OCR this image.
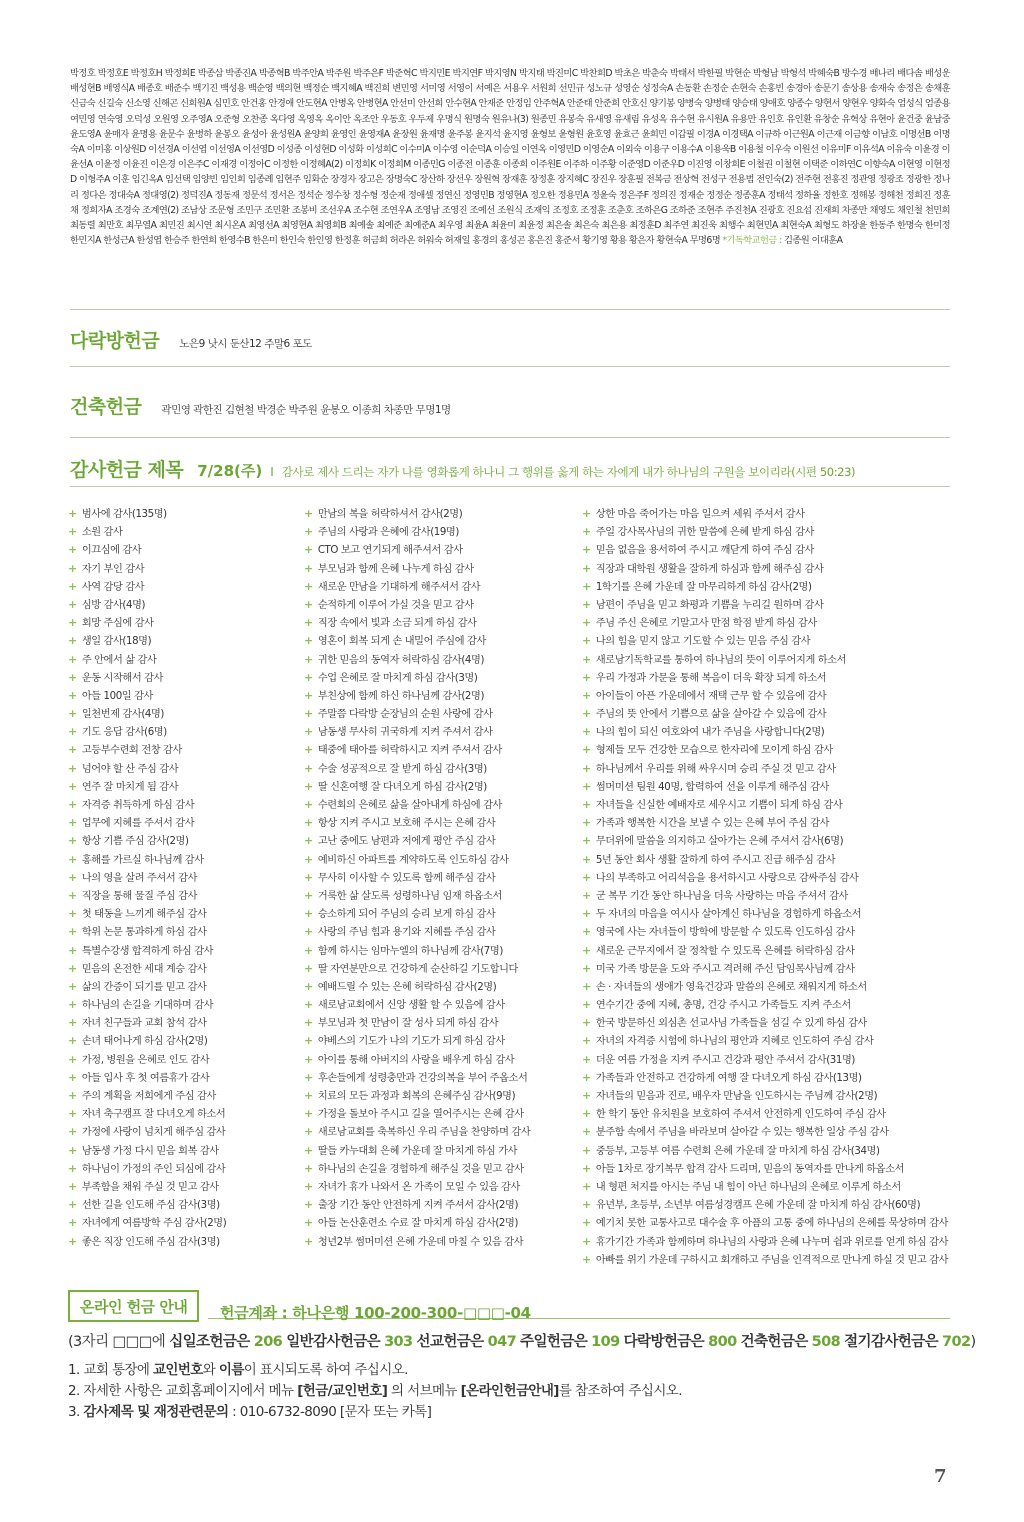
박정호 박정호E 박정호H 박정희E 박종삼 박종진A 박종혁B 박주안A 박주원 박주은F 박준혁C 박지민E 박지연F 박지영N 박지태 박진미C 박찬희D 박초은 박춘숙 박태서 박한필 박현순 박형남 박형석 박혜숙B 방수경 배나리 배다솜 배성운 배성현B 배영식A 배종호 배준수 백기진 백성용 백순영 백의현 백정순 백지혜A 백진희 변민영 서미영 서영이 서예은 서용우 서원희 선민규 성노규 성영순 성정숙A 손동환 손정순 손현숙 손홍빈 송경아 송문기 송상용 송재숙 송정은 송채훈 신금숙 신길숙 신소영 신해곤 신희원A 심민호 안건홍 안경애 안도현A 안병옥 안병현A 안선미 안선희 안수현A 안재준 안정임 안주혁A 안준태 안준희 안호신 양기봉 양병숙 양병태 양승태 양애호 양종수 양현서 양현우 양화숙 엄성식 엄종용 여민영 연숙영 오덕성 오원영 오주영A 오준형 오찬종 옥다영 옥영옥 옥이안 옥조안 우동호 우두제 우명식 원명숙 원유나(3) 원종민 유봉숙 유새영 유새림 유성옥 유수현 유시원A 유용만 유인호 유인환 유창순 유혁상 유현아 윤건중 윤남중 윤도영A 윤매자 윤명용 윤문수 윤병하 윤봉오 윤성아 윤성원A 윤양희 윤영인 윤영재A 윤장원 윤재명 윤주봉 윤지석 윤지영 윤형보 윤형원 윤호영 윤효근 윤희민 이갑필 이경A 이경택A 이규하 이근원A 이근재 이금향 이남호 이명선B 이명숙A 이미홍 이상원D 이선경A 이선엽 이선영A 이선영D 이성종 이성현D 이성화 이성희C 이수미A 이수영 이순덕A 이승일 이연옥 이영민D 이영순A 이외숙 이용구 이용수A 이용욱B 이용철 이우숙 이원선 이유미F 이유석A 이유숙 이윤경 이윤선A 이윤정 이윤진 이은경 이은주C 이재경 이정아C 이정한 이정혜A(2) 이정희K 이정희M 이종민G 이종전 이종훈 이종희 이주원E 이주하 이주황 이준영D 이준우D 이진영 이창희E 이철권 이철현 이택준 이하연C 이향숙A 이현영 이현정D 이형주A 이훈 임긴옥A 임선택 임양빈 임인희 임종례 임현주 임화순 장경자 장고은 장명숙C 장산하 장선우 장원혁 장재훈 장정훈 장지혜C 장진우 장훈필 전복금 전상혁 전성구 전용범 전인숙(2) 전주현 전홍진 정관영 정광조 정광한 정나리 정다은 정대숙A 정대영(2) 정덕진A 정동재 정문석 정서은 정석순 정수창 정수형 정순재 정애셀 정연신 정영민B 정영현A 정오한 정용민A 정윤숙 정은주F 정의진 정재순 정정순 정종훈A 정태석 정하율 정한호 정해봉 정해천 정희진 정훈채 정희자A 조경숙 조계연(2) 조남상 조문형 조민구 조민환 조봉비 조선우A 조수현 조연우A 조영남 조영진 조예선 조원식 조재익 조정호 조정훈 조춘호 조하은G 조하준 조현주 주진천A 진광호 진요섭 진재희 차종만 채영도 채인철 천민희 최동렬 최만호 최무열A 최민진 최시연 최시온A 최영선A 최영현A 최영희B 최예솔 최예준 최예준A 최우영 최윤A 최윤미 최윤정 최은솔 최은숙 최은용 최정훈D 최주연 최진욱 최행수 최현민A 최현숙A 최형도 하장윤 한동주 한명숙 한미정 한민지A 한성근A 한성엽 한승주 한연희 한영수B 한은미 한인숙 한인영 한정훈 허금희 허라온 허워숙 허재일 홍경의 홍성곤 홍은진 홍준서 황기영 황용 황은자 황현숙A 무명6명 *기독학교헌금 : 김종원 이대훈A
다락방헌금 노은9 낫시 둔산12 주말6 포도
건축헌금 곽민영 곽한진 김현철 박경순 박주원 윤봉오 이종희 차종만 무명1명
감사헌금 제목 7/28(주) I 감사로 제사 드리는 자가 나를 영화롭게 하나니 그 행위를 옳게 하는 자에게 내가 하나님의 구원을 보이리라(시편 50:23)
+ 범사에 감사(135명)
+ 소원 감사
+ 이끄심에 감사
+ 자기 부인 감사
+ 사역 감당 감사
+ 심방 감사(4명)
+ 회망 주심에 감사
+ 생일 감사(18명)
+ 주 안에서 삶 감사
+ 운동 시작해서 감사
+ 아들 100일 감사
+ 일천번제 감사(4명)
+ 기도 응답 감사(6명)
+ 고등부수련회 전창 감사
+ 넘어야 할 산 주심 감사
+ 연주 잘 마치게 됨 감사
+ 자격증 취득하게 하심 감사
+ 업무에 지혜를 주셔서 감사
+ 항상 기쁨 주심 감사(2명)
+ 홍해를 가르실 하나님께 감사
+ 나의 영을 살려 주셔서 감사
+ 직장을 통해 물질 주심 감사
+ 첫 태동을 느끼게 해주심 감사
+ 학위 논문 통과하게 하심 감사
+ 특별수강생 합격하게 하심 감사
+ 믿음의 온전한 세대 계승 감사
+ 삶의 간증이 되기를 믿고 감사
+ 하나님의 손길을 기대하며 감사
+ 자녀 친구들과 교회 참석 감사
+ 손녀 태어나게 하심 감사(2명)
+ 가정, 병원을 은혜로 인도 감사
+ 아들 입사 후 첫 여름휴가 감사
+ 주의 계획을 저희에게 주심 감사
+ 자녀 축구캠프 잘 다녀오게 하소서
+ 가정에 사랑이 넘치게 해주심 감사
+ 남동생 가정 다시 믿음 회복 감사
+ 하나님이 가정의 주인 되심에 감사
+ 부족함을 채워 주실 것 믿고 감사
+ 선한 길을 인도해 주심 감사(3명)
+ 자녀에게 여름방학 주심 감사(2명)
+ 좋은 직장 인도해 주심 감사(3명)
+ 만남의 복을 허락하셔서 감사(2명)
+ 주님의 사랑과 은혜에 감사(19명)
+ CTO 보고 연기되게 해주셔서 감사
+ 부모님과 함께 은혜 나누게 하심 감사
+ 새로운 만남을 기대하게 해주셔서 감사
+ 순적하게 이루어 가실 것을 믿고 감사
+ 직장 속에서 빛과 소금 되게 하심 감사
+ 영혼이 회복 되게 손 내밀어 주심에 감사
+ 귀한 믿음의 동역자 허락하심 감사(4명)
+ 수업 은혜로 잘 마치게 하심 감사(3명)
+ 부친상에 함께 하신 하나님께 감사(2명)
+ 주말쯤 다락방 순장님의 순원 사랑에 감사
+ 남동생 무사히 귀국하게 지켜 주셔서 감사
+ 태중에 태아를 허락하시고 지켜 주셔서 감사
+ 수술 성공적으로 잘 받게 하심 감사(3명)
+ 딸 신혼여행 잘 다녀오게 하심 감사(2명)
+ 수련회의 은혜로 삶을 살아내게 하심에 감사
+ 항상 지켜 주시고 보호해 주시는 은혜 감사
+ 고난 중에도 남편과 저에게 평안 주심 감사
+ 예비하신 아파트를 계약하도록 인도하심 감사
+ 무사히 이사할 수 있도록 함께 해주심 감사
+ 거룩한 삶 살도록 성령하나님 임재 하옵소서
+ 승소하게 되어 주님의 승리 보게 하심 감사
+ 사랑의 주님 힘과 용기와 지혜를 주심 감사
+ 함께 하시는 임마누엘의 하나님께 감사(7명)
+ 딸 자연분만으로 건강하게 순산하길 기도합니다
+ 예배드릴 수 있는 은혜 허락하심 감사(2명)
+ 새로남교회에서 신앙 생활 할 수 있음에 감사
+ 부모님과 첫 만남이 잘 성사 되게 하심 감사
+ 야베스의 기도가 나의 기도가 되게 하심 감사
+ 아이를 통해 아버지의 사랑을 배우게 하심 감사
+ 후손들에게 성령충만과 건강의복을 부어 주옵소서
+ 치료의 모든 과정과 회복의 은혜주심 감사(9명)
+ 가정을 돌보아 주시고 길을 열어주시는 은혜 감사
+ 새로남교회를 축복하신 우리 주님을 찬양하며 감사
+ 딸들 카누대회 은혜 가운데 잘 마치게 하심 가사
+ 하나님의 손길을 경험하게 해주실 것을 믿고 감사
+ 자녀가 휴가 나와서 온 가족이 모일 수 있음 감사
+ 출장 기간 동안 안전하게 지켜 주셔서 감사(2명)
+ 아들 논산훈련소 수료 잘 마치게 하심 감사(2명)
+ 청년2부 썸머미션 은혜 가운데 마칠 수 있음 감사
+ 상한 마음 죽어가는 마음 일으켜 세워 주셔서 감사
+ 주일 강사목사님의 귀한 말씀에 은혜 받게 하심 감사
+ 믿음 없음을 용서하여 주시고 깨닫게 하여 주심 감사
+ 직장과 대학원 생활을 잘하게 하심과 함께 해주심 감사
+ 1학기를 은혜 가운데 잘 마무리하게 하심 감사(2명)
+ 남편이 주님을 믿고 화평과 기쁨을 누리길 원하며 감사
+ 주님 주신 은혜로 기말고사 만점 학점 받게 하심 감사
+ 나의 힘을 믿지 않고 기도할 수 있는 믿음 주심 감사
+ 새로남기독학교를 통하여 하나님의 뜻이 이루어지게 하소서
+ 우리 가정과 가문을 통해 복음이 더욱 확장 되게 하소서
+ 아이들이 아픈 가운데에서 재택 근무 할 수 있음에 감사
+ 주님의 뜻 안에서 기쁨으로 삶을 살아갈 수 있음에 감사
+ 나의 힘이 되신 여호와여 내가 주님을 사랑합니다(2명)
+ 형제들 모두 건강한 모습으로 한자리에 모이게 하심 감사
+ 하나님께서 우리를 위해 싸우시며 승리 주실 것 믿고 감사
+ 썸머미션 팀원 40명, 합력하여 선을 이루게 해주심 감사
+ 자녀들을 신실한 예배자로 세우시고 기쁨이 되게 하심 감사
+ 가족과 행복한 시간을 보낼 수 있는 은혜 부어 주심 감사
+ 무더위에 말씀을 의지하고 살아가는 은혜 주셔서 감사(6명)
+ 5년 동안 회사 생활 잘하게 하여 주시고 진급 해주심 감사
+ 나의 부족하고 어리석음을 용서하시고 사랑으로 감싸주심 감사
+ 군 복무 기간 동안 하나님을 더욱 사랑하는 마음 주셔서 감사
+ 두 자녀의 마음을 여시사 살아계신 하나님을 경험하게 하옵소서
+ 영국에 사는 자녀들이 방학에 방문할 수 있도록 인도하심 감사
+ 새로운 근무지에서 잘 정착할 수 있도록 은혜를 허락하심 감사
+ 미국 가족 방문을 도와 주시고 격려해 주신 담임목사님께 감사
+ 손 · 자녀들의 생애가 영육건강과 말씀의 은혜로 채워지게 하소서
+ 연수기간 중에 지혜, 총명, 건강 주시고 가족들도 지켜 주소서
+ 한국 방문하신 외심촌 선교사님 가족들을 섬길 수 있게 하심 감사
+ 자녀의 자격증 시험에 하나님의 평안과 지혜로 인도하여 주심 감사
+ 더운 여름 가정을 지켜 주시고 건강과 평안 주셔서 감사(31명)
+ 가족들과 안전하고 건강하게 여행 잘 다녀오게 하심 감사(13명)
+ 자녀들의 믿음과 진로, 배우자 만남을 인도하시는 주님께 감사(2명)
+ 한 학기 동안 유치원을 보호하여 주셔서 안전하게 인도하여 주심 감사
+ 분주함 속에서 주님을 바라보며 살아갈 수 있는 행복한 일상 주심 감사
+ 중등부, 고등부 여름 수련회 은혜 가운데 잘 마치게 하심 감사(34명)
+ 아들 1차로 장기복무 합격 감사 드리며, 믿음의 동역자를 만나게 하옵소서
+ 내 형편 처지를 아시는 주님 내 힘이 아닌 하나님의 은혜로 이루게 하소서
+ 유년부, 초등부, 소년부 여름성경캠프 은혜 가운데 잘 마치게 하심 감사(60명)
+ 예기치 못한 교통사고로 대수술 후 아픔의 고통 중에 하나님의 은혜를 묵상하며 감사
+ 휴가기간 가족과 함께하며 하나님의 사랑과 은혜 나누며 쉼과 위로를 얻게 하심 감사
+ 아빠를 위기 가운데 구하시고 회개하고 주님을 인격적으로 만나게 하실 것 믿고 감사
온라인 헌금 안내	헌금계좌 : 하나은행 100-200-300-□□□-04
(3자리 □□□에 십일조헌금은 206 일반감사헌금은 303 선교헌금은 047 주일헌금은 109 다락방헌금은 800 건축헌금은 508 절기감사헌금은 702)
1. 교회 통장에 교인번호와 이름이 표시되도록 하여 주십시오.
2. 자세한 사항은 교회홈페이지에서 메뉴 [헌금/교인번호] 의 서브메뉴 [온라인헌금안내]를 참조하여 주십시오.
3. 감사제목 및 재정관련문의 : 010-6732-8090 [문자 또는 카톡]
7
